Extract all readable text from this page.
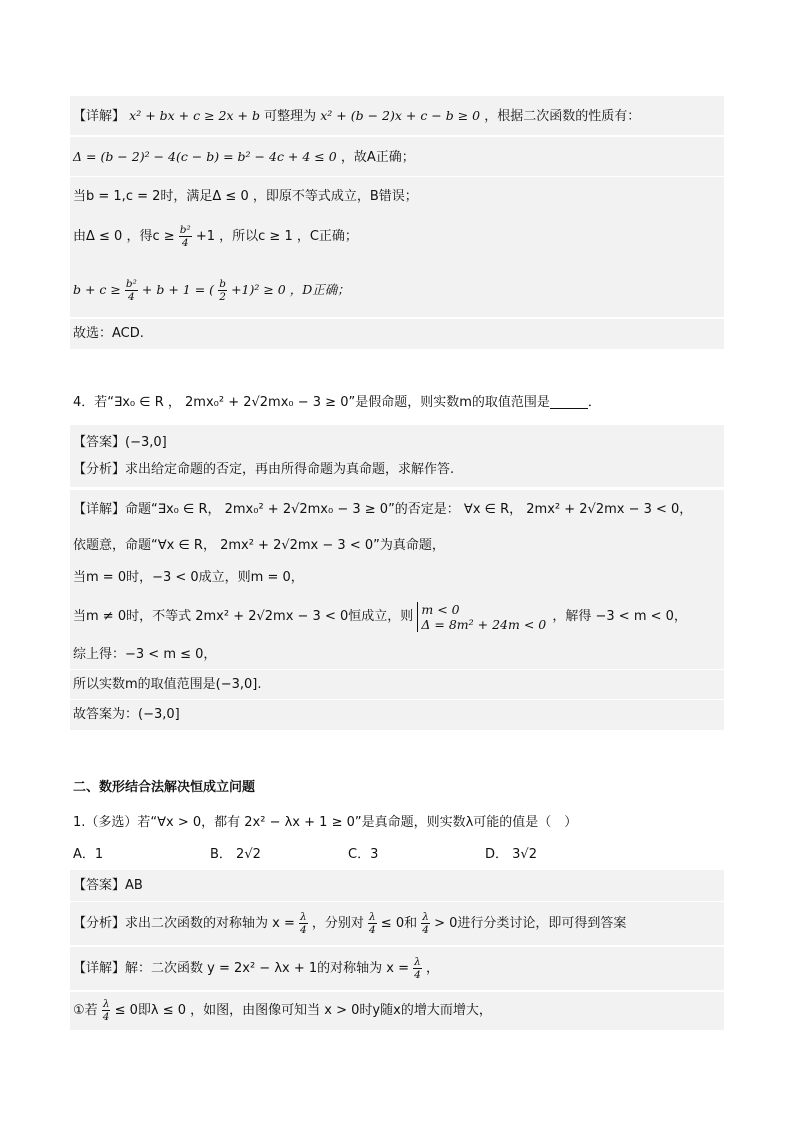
【详解】 x² + bx + c ≥ 2x + b 可整理为 x² + (b − 2)x + c − b ≥ 0 ，根据二次函数的性质有：
Δ = (b − 2)² − 4(c − b) = b² − 4c + 4 ≤ 0 ，故A正确；
当b = 1,c = 2时，满足Δ ≤ 0 ，即原不等式成立，B错误；
由Δ ≤ 0 ，得$c \ge \frac{\text{b²}}{4} +1$ ，所以c ≥ 1 ，C正确；
$b + c \ge \frac{\text{b²}}{4} + b + 1$ = ( $\frac{b}{2} +1)^2 \ge 0$ ，D正确；
故选：ACD.
4．若“∃x₀ ∈ R ， 2mx₀² + 2√2mx₀ − 3 ≥ 0”是假命题，则实数m的取值范围是	．
【答案】(−3,0]
【分析】求出给定命题的否定，再由所得命题为真命题，求解作答.
【详解】命题“∃x₀ ∈ R， 2mx₀² + 2√2mx₀ − 3 ≥ 0”的否定是： ∀x ∈ R， 2mx² + 2√2mx − 3 < 0，
依题意，命题“∀x ∈ R， 2mx² + 2√2mx − 3 < 0”为真命题，
当m = 0时，−3 < 0成立，则m = 0，
当m ≠ 0时，不等式 2mx² + 2√2mx − 3 < 0恒成立，则 m < 0
Δ = 8m² + 24m < 0 ，解得 −3 < m < 0，
综上得：−3 < m ≤ 0，
所以实数m的取值范围是(−3,0].
故答案为：(−3,0]
二、数形结合法解决恒成立问题
1.（多选）若“∀x > 0，都有 2x² − λx + 1 ≥ 0”是真命题，则实数λ可能的值是（　）
A．1	B． 2√2	C．3	D． 3√2
【答案】AB
【分析】求出二次函数的对称轴为 $x = \frac{\lambda}{4}$ ，分别对 $\frac{\lambda}{4} \le 0$和 $\frac{\lambda}{4} > 0$进行分类讨论，即可得到答案
【详解】解：二次函数 y = 2x² − λx + 1的对称轴为 $x = \frac{\lambda}{4}$ ，
①若 $\frac{\lambda}{4} \le 0$即λ ≤ 0 ，如图，由图像可知当 x > 0时y随x的增大而增大，
